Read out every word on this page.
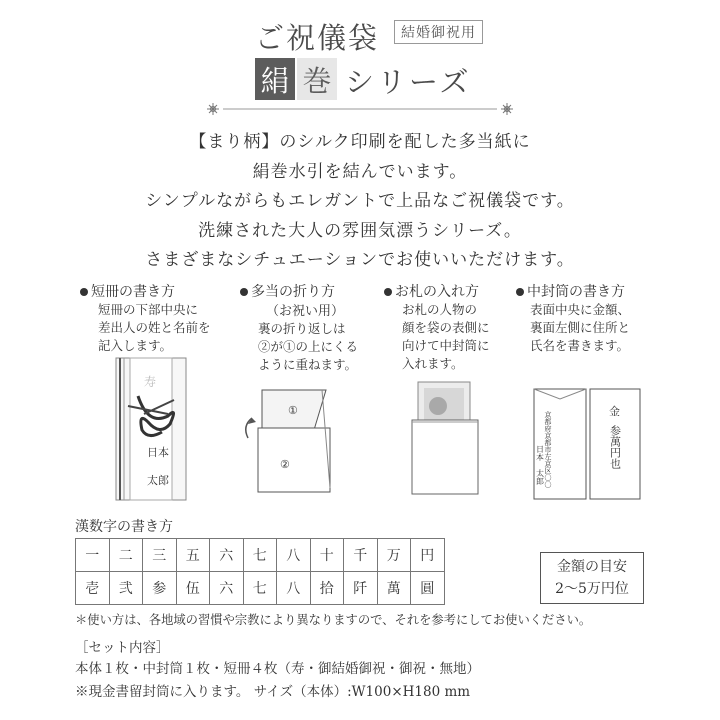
ご祝儀袋	結婚御祝用
絹 巻 シリーズ
【まり柄】のシルク印刷を配した多当紙に
絹巻水引を結んでいます。
シンプルながらもエレガントで上品なご祝儀袋です。
洗練された大人の雰囲気漂うシリーズ。
さまざまなシチュエーションでお使いいただけます。
短冊の書き方
短冊の下部中央に
差出人の姓と名前を
記入します。
寿
日本
太郎
多当の折り方
（お祝い用）
裏の折り返しは
②が①の上にくる
ように重ねます。
①
②
お札の入れ方
お札の人物の
顔を袋の表側に
向けて中封筒に
入れます。
中封筒の書き方
表面中央に金額、
裏面左側に住所と
氏名を書きます。
京都府京都市左京区〇〇
日本　太郎
金
参萬円也
漢数字の書き方
一	二	三	五	六	七	八	十	千	万	円
壱	弐	参	伍	六	七	八	拾	阡	萬	圓
金額の目安
2〜5万円位
＊使い方は、各地域の習慣や宗教により異なりますので、それを参考にしてお使いください。
［セット内容］
本体１枚・中封筒１枚・短冊４枚（寿・御結婚御祝・御祝・無地）
※現金書留封筒に入ります。 サイズ（本体）:W100×H180 mm
